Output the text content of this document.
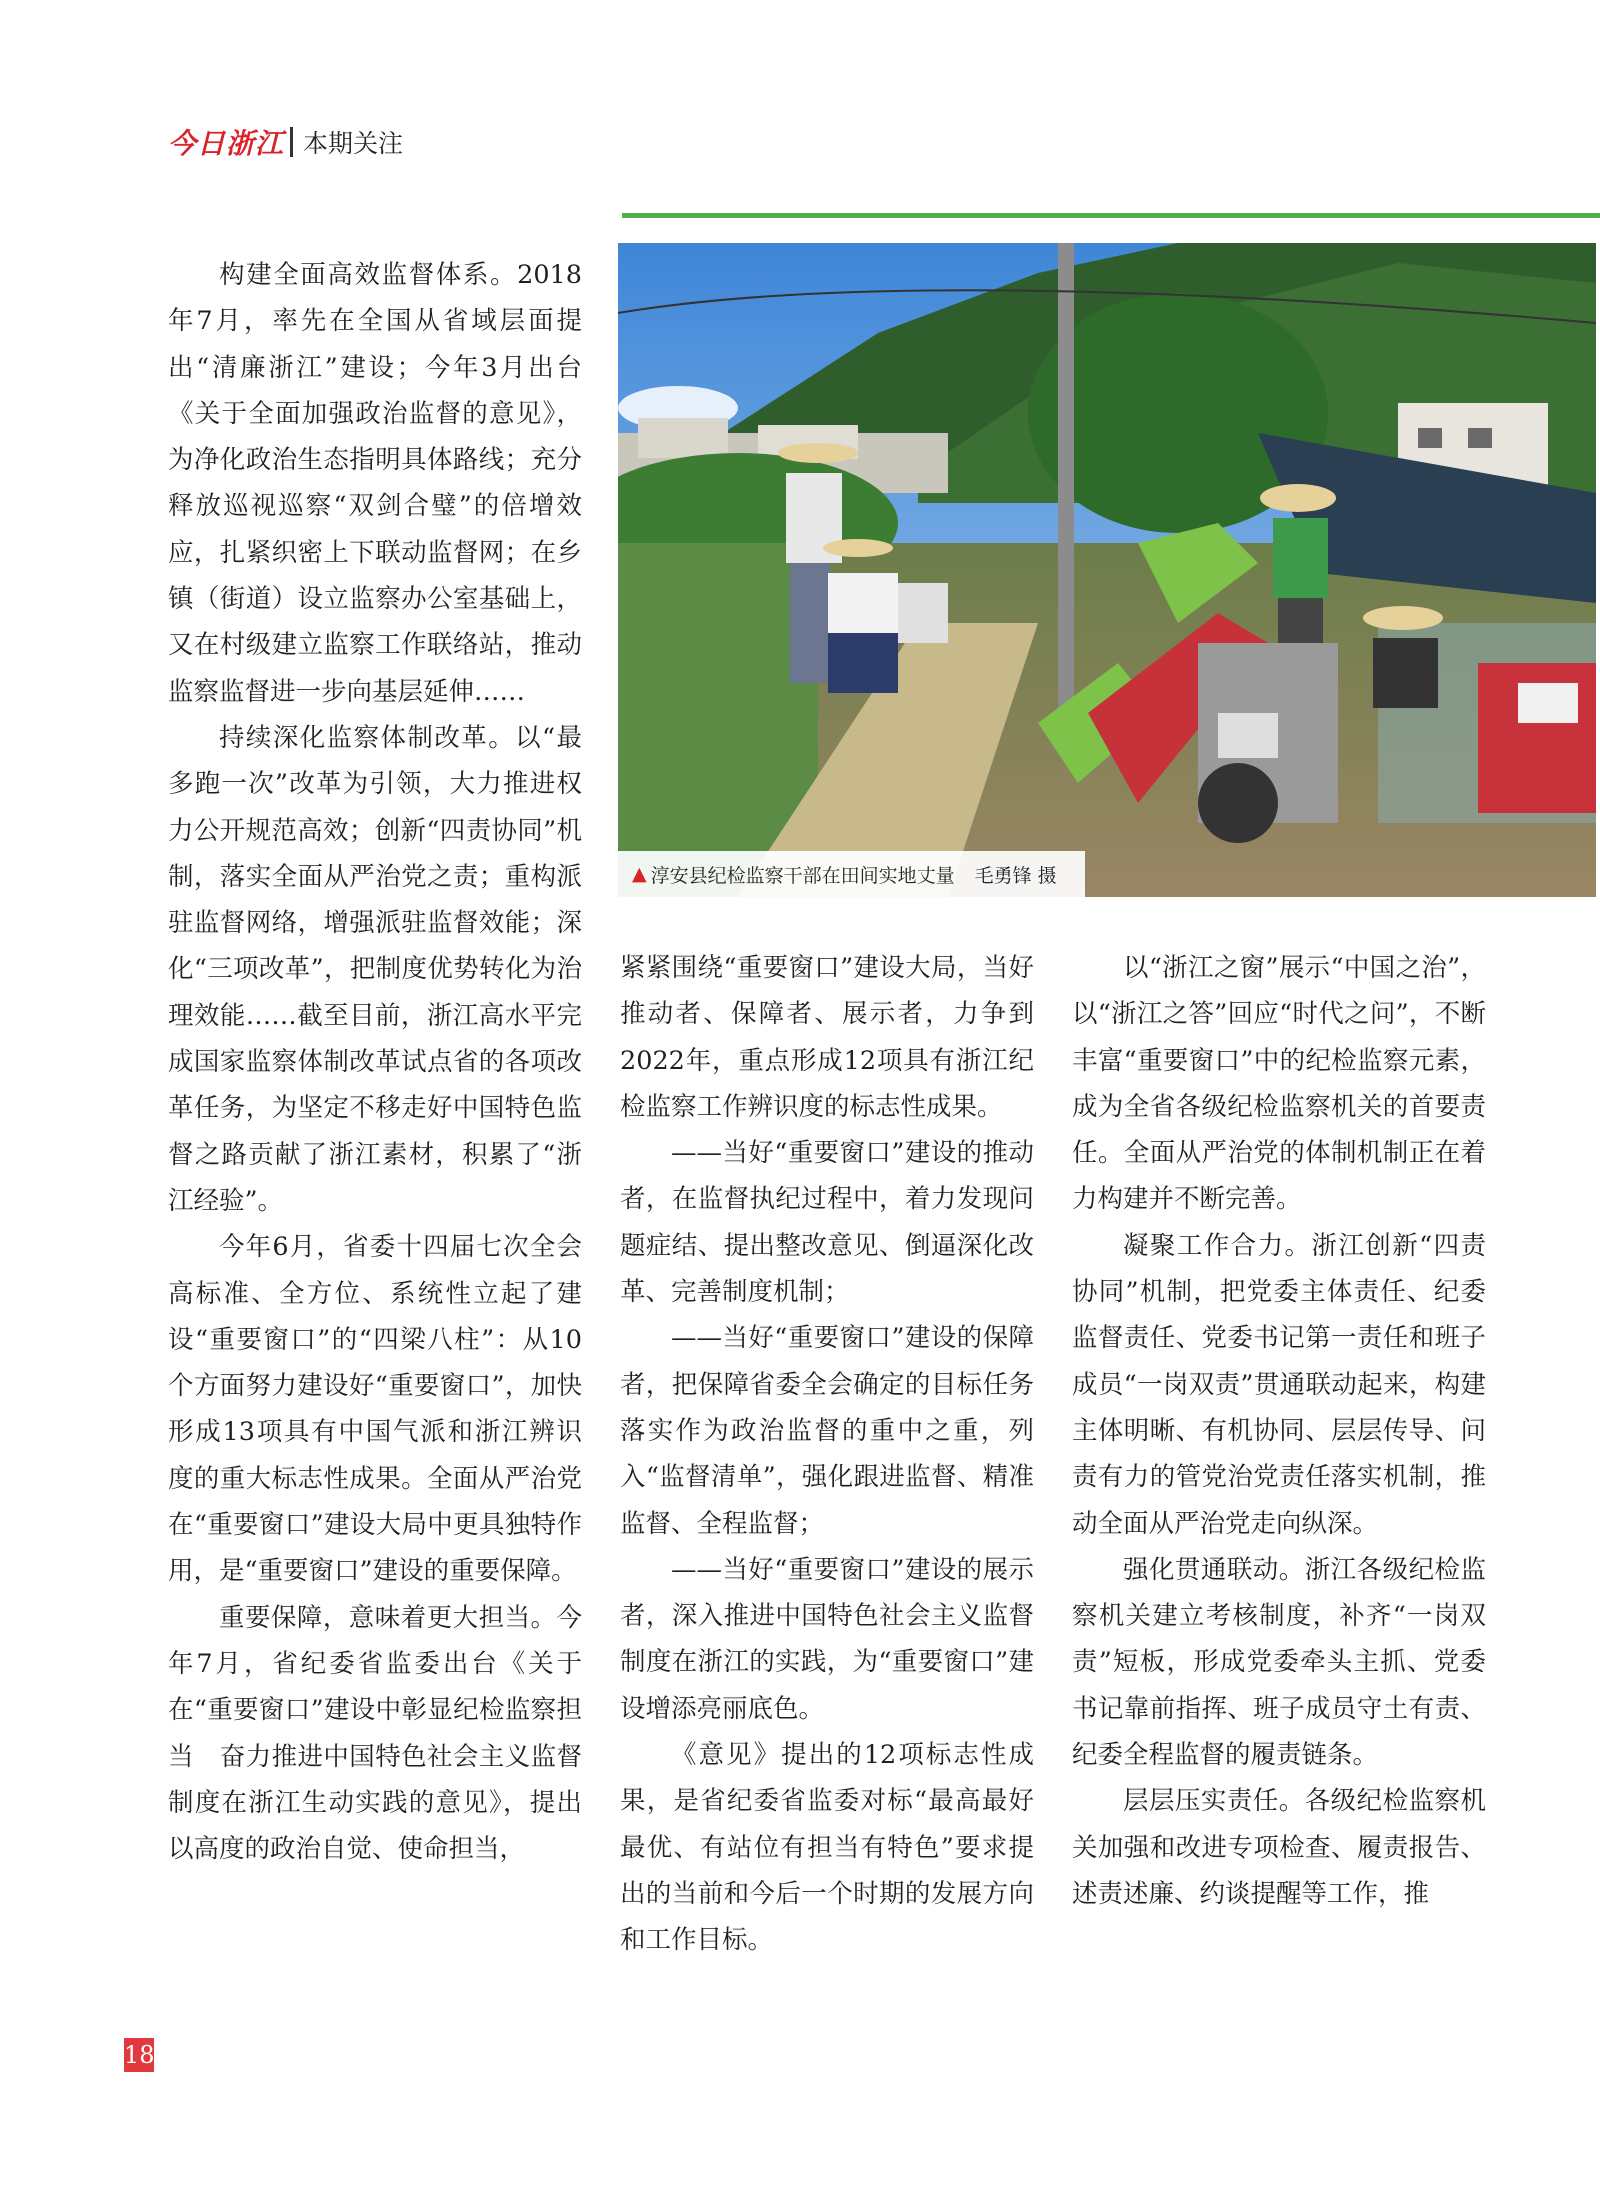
今日浙江 本期关注
▲ 淳安县纪检监察干部在田间实地丈量 毛勇锋 摄

构建全面高效监督体系。2018年7月，率先在全国从省域层面提出“清廉浙江”建设；今年3月出台《关于全面加强政治监督的意见》，为净化政治生态指明具体路线；充分释放巡视巡察“双剑合璧”的倍增效应，扎紧织密上下联动监督网；在乡镇（街道）设立监察办公室基础上，又在村级建立监察工作联络站，推动监察监督进一步向基层延伸……

持续深化监察体制改革。以“最多跑一次”改革为引领，大力推进权力公开规范高效；创新“四责协同”机制，落实全面从严治党之责；重构派驻监督网络，增强派驻监督效能；深化“三项改革”，把制度优势转化为治理效能……截至目前，浙江高水平完成国家监察体制改革试点省的各项改革任务，为坚定不移走好中国特色监督之路贡献了浙江素材，积累了“浙江经验”。

今年6月，省委十四届七次全会高标准、全方位、系统性立起了建设“重要窗口”的“四梁八柱”：从10个方面努力建设好“重要窗口”，加快形成13项具有中国气派和浙江辨识度的重大标志性成果。全面从严治党在“重要窗口”建设大局中更具独特作用，是“重要窗口”建设的重要保障。

重要保障，意味着更大担当。今年7月，省纪委省监委出台《关于在“重要窗口”建设中彰显纪检监察担当　奋力推进中国特色社会主义监督制度在浙江生动实践的意见》，提出以高度的政治自觉、使命担当，

紧紧围绕“重要窗口”建设大局，当好推动者、保障者、展示者，力争到2022年，重点形成12项具有浙江纪检监察工作辨识度的标志性成果。

——当好“重要窗口”建设的推动者，在监督执纪过程中，着力发现问题症结、提出整改意见、倒逼深化改革、完善制度机制；

——当好“重要窗口”建设的保障者，把保障省委全会确定的目标任务落实作为政治监督的重中之重，列入“监督清单”，强化跟进监督、精准监督、全程监督；

——当好“重要窗口”建设的展示者，深入推进中国特色社会主义监督制度在浙江的实践，为“重要窗口”建设增添亮丽底色。

《意见》提出的12项标志性成果，是省纪委省监委对标“最高最好最优、有站位有担当有特色”要求提出的当前和今后一个时期的发展方向和工作目标。

以“浙江之窗”展示“中国之治”，以“浙江之答”回应“时代之问”，不断丰富“重要窗口”中的纪检监察元素，成为全省各级纪检监察机关的首要责任。全面从严治党的体制机制正在着力构建并不断完善。

凝聚工作合力。浙江创新“四责协同”机制，把党委主体责任、纪委监督责任、党委书记第一责任和班子成员“一岗双责”贯通联动起来，构建主体明晰、有机协同、层层传导、问责有力的管党治党责任落实机制，推动全面从严治党走向纵深。

强化贯通联动。浙江各级纪检监察机关建立考核制度，补齐“一岗双责”短板，形成党委牵头主抓、党委书记靠前指挥、班子成员守土有责、纪委全程监督的履责链条。

层层压实责任。各级纪检监察机关加强和改进专项检查、履责报告、述责述廉、约谈提醒等工作，推

18
